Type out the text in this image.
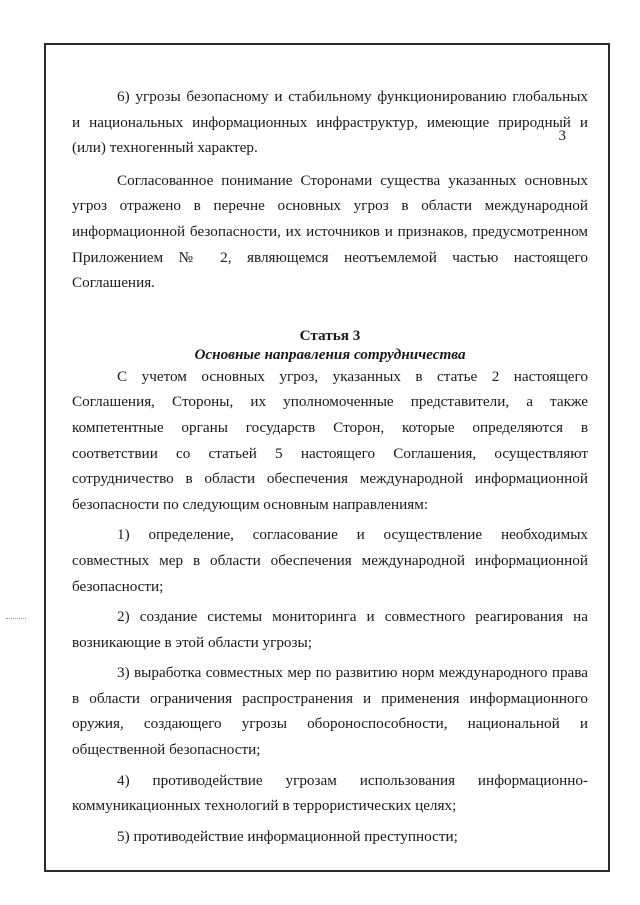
3

6) угрозы безопасному и стабильному функционированию глобальных и национальных информационных инфраструктур, имеющие природный и (или) техногенный характер.

Согласованное понимание Сторонами существа указанных основных угроз отражено в перечне основных угроз в области международной информационной безопасности, их источников и признаков, предусмотренном Приложением № 2, являющемся неотъемлемой частью настоящего Соглашения.

Статья 3
Основные направления сотрудничества

С учетом основных угроз, указанных в статье 2 настоящего Соглашения, Стороны, их уполномоченные представители, а также компетентные органы государств Сторон, которые определяются в соответствии со статьей 5 настоящего Соглашения, осуществляют сотрудничество в области обеспечения международной информационной безопасности по следующим основным направлениям:

1) определение, согласование и осуществление необходимых совместных мер в области обеспечения международной информационной безопасности;

2) создание системы мониторинга и совместного реагирования на возникающие в этой области угрозы;

3) выработка совместных мер по развитию норм международного права в области ограничения распространения и применения информационного оружия, создающего угрозы обороноспособности, национальной и общественной безопасности;

4) противодействие угрозам использования информационно-коммуникационных технологий в террористических целях;

5) противодействие информационной преступности;
